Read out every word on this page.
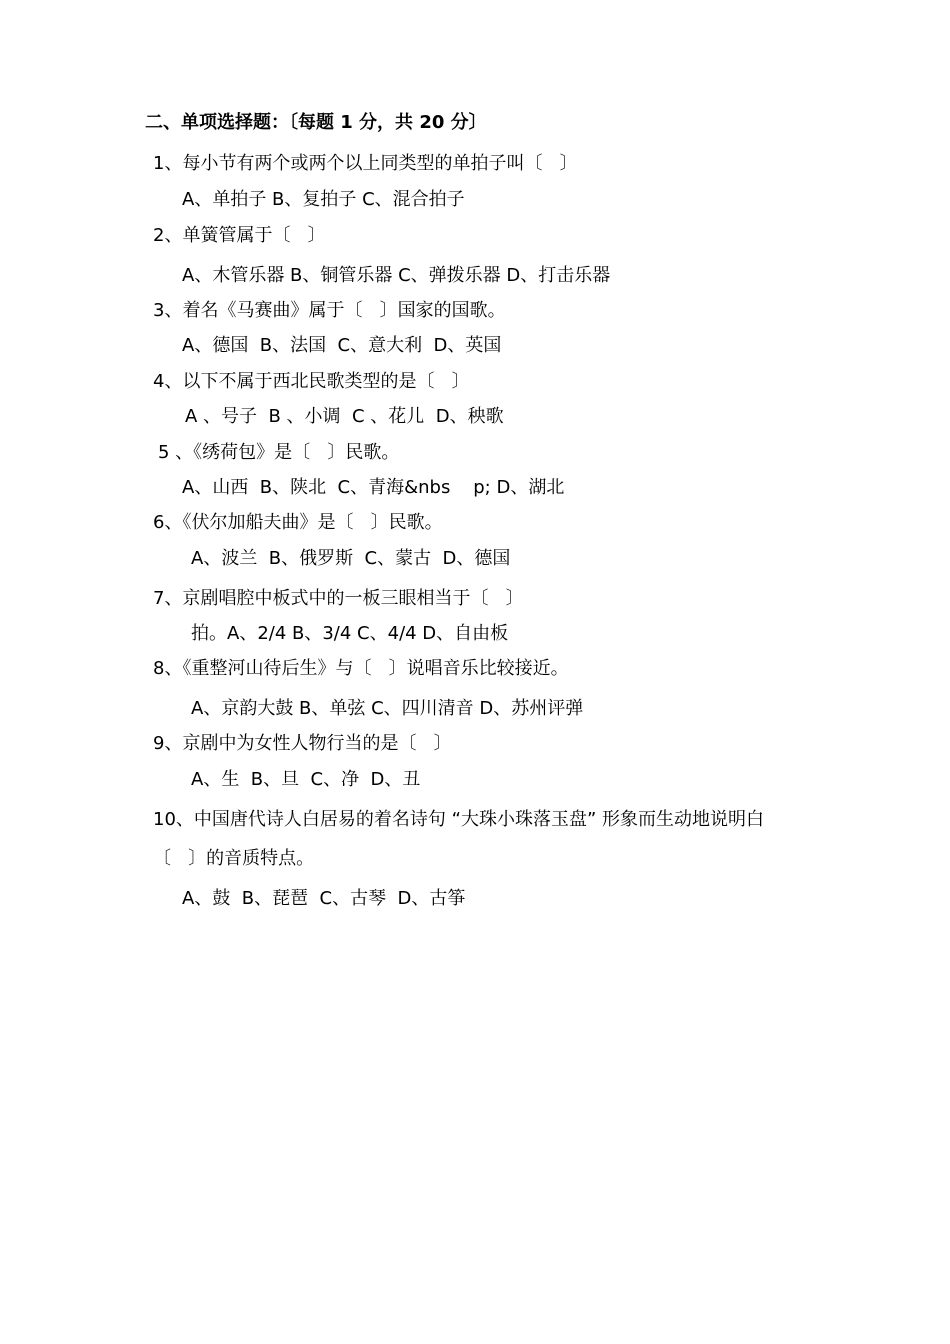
二、单项选择题：〔每题 1 分，共 20 分〕
1、每小节有两个或两个以上同类型的单拍子叫〔   〕
A、单拍子 B、复拍子 C、混合拍子
2、单簧管属于〔   〕
A、木管乐器 B、铜管乐器 C、弹拨乐器 D、打击乐器
3、着名《马赛曲》属于〔   〕国家的国歌。
A、德国  B、法国  C、意大利  D、英国
4、以下不属于西北民歌类型的是〔   〕
A 、号子  B 、小调  C 、花儿  D、秧歌
5 、《绣荷包》是〔   〕民歌。
A、山西  B、陕北  C、青海&nbs    p; D、湖北
6、《伏尔加船夫曲》是〔   〕民歌。
A、波兰  B、俄罗斯  C、蒙古  D、德国
7、京剧唱腔中板式中的一板三眼相当于〔   〕
拍。A、2/4 B、3/4 C、4/4 D、自由板
8、《重整河山待后生》与〔   〕说唱音乐比较接近。
A、京韵大鼓 B、单弦 C、四川清音 D、苏州评弹
9、京剧中为女性人物行当的是〔   〕
A、生  B、旦  C、净  D、丑
10、中国唐代诗人白居易的着名诗句 “大珠小珠落玉盘” 形象而生动地说明白
〔   〕的音质特点。
A、鼓  B、琵琶  C、古琴  D、古筝
